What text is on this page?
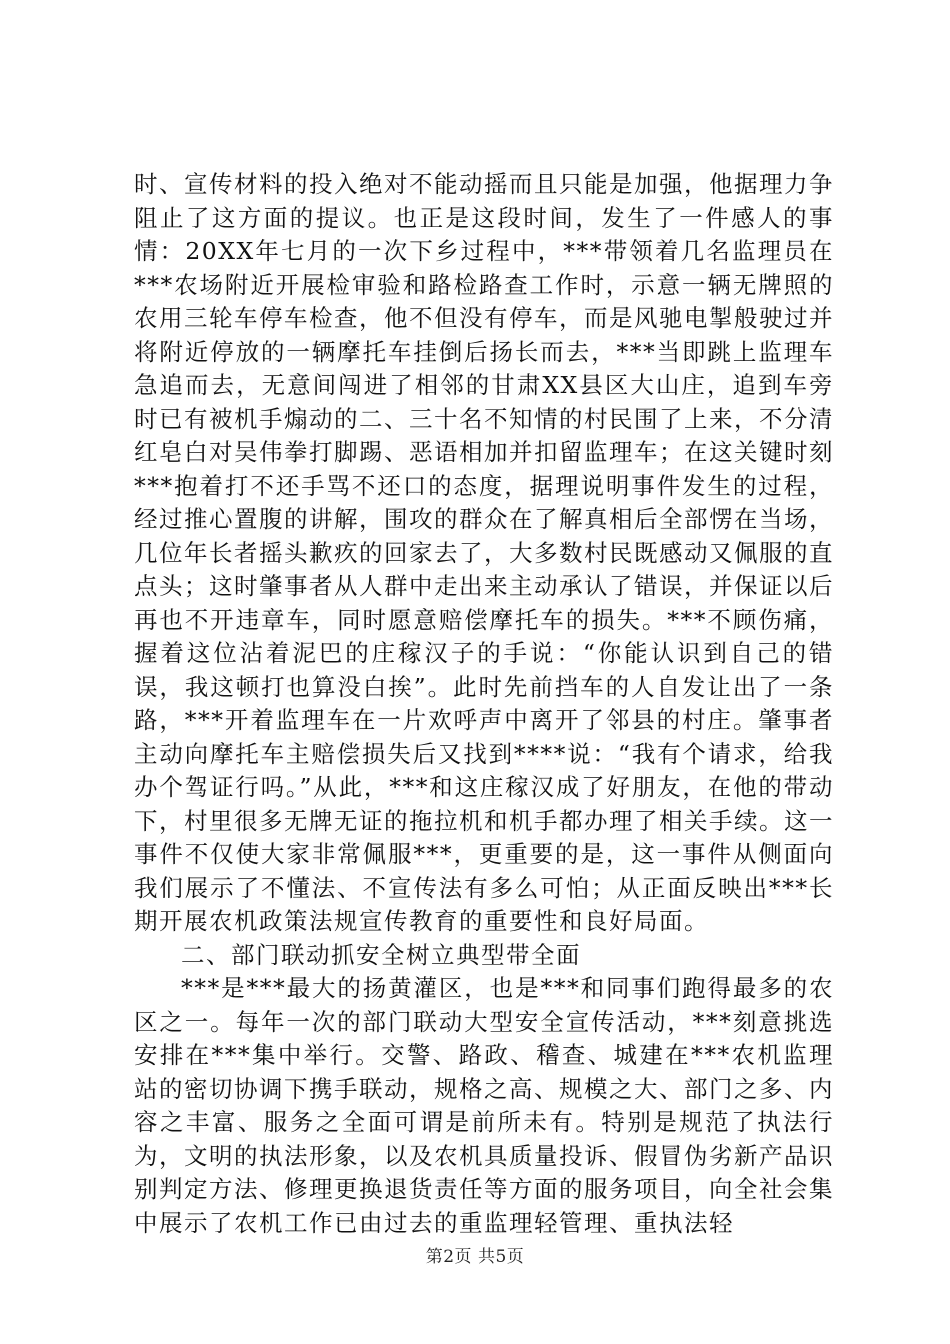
时、宣传材料的投入绝对不能动摇而且只能是加强，他据理力争阻止了这方面的提议。也正是这段时间，发生了一件感人的事情：20XX年七月的一次下乡过程中，***带领着几名监理员在***农场附近开展检审验和路检路查工作时，示意一辆无牌照的农用三轮车停车检查，他不但没有停车，而是风驰电掣般驶过并将附近停放的一辆摩托车挂倒后扬长而去，***当即跳上监理车急追而去，无意间闯进了相邻的甘肃XX县区大山庄，追到车旁时已有被机手煽动的二、三十名不知情的村民围了上来，不分清红皂白对吴伟拳打脚踢、恶语相加并扣留监理车；在这关键时刻***抱着打不还手骂不还口的态度，据理说明事件发生的过程，经过推心置腹的讲解，围攻的群众在了解真相后全部愣在当场，几位年长者摇头歉疚的回家去了，大多数村民既感动又佩服的直点头；这时肇事者从人群中走出来主动承认了错误，并保证以后再也不开违章车，同时愿意赔偿摩托车的损失。***不顾伤痛，握着这位沾着泥巴的庄稼汉子的手说：“你能认识到自己的错误，我这顿打也算没白挨”。此时先前挡车的人自发让出了一条路，***开着监理车在一片欢呼声中离开了邻县的村庄。肇事者主动向摩托车主赔偿损失后又找到****说：“我有个请求，给我办个驾证行吗。”从此，***和这庄稼汉成了好朋友，在他的带动下，村里很多无牌无证的拖拉机和机手都办理了相关手续。这一事件不仅使大家非常佩服***，更重要的是，这一事件从侧面向我们展示了不懂法、不宣传法有多么可怕；从正面反映出***长期开展农机政策法规宣传教育的重要性和良好局面。

二、部门联动抓安全树立典型带全面

***是***最大的扬黄灌区，也是***和同事们跑得最多的农区之一。每年一次的部门联动大型安全宣传活动，***刻意挑选安排在***集中举行。交警、路政、稽查、城建在***农机监理站的密切协调下携手联动，规格之高、规模之大、部门之多、内容之丰富、服务之全面可谓是前所未有。特别是规范了执法行为，文明的执法形象，以及农机具质量投诉、假冒伪劣新产品识别判定方法、修理更换退货责任等方面的服务项目，向全社会集中展示了农机工作已由过去的重监理轻管理、重执法轻

第2页 共5页
